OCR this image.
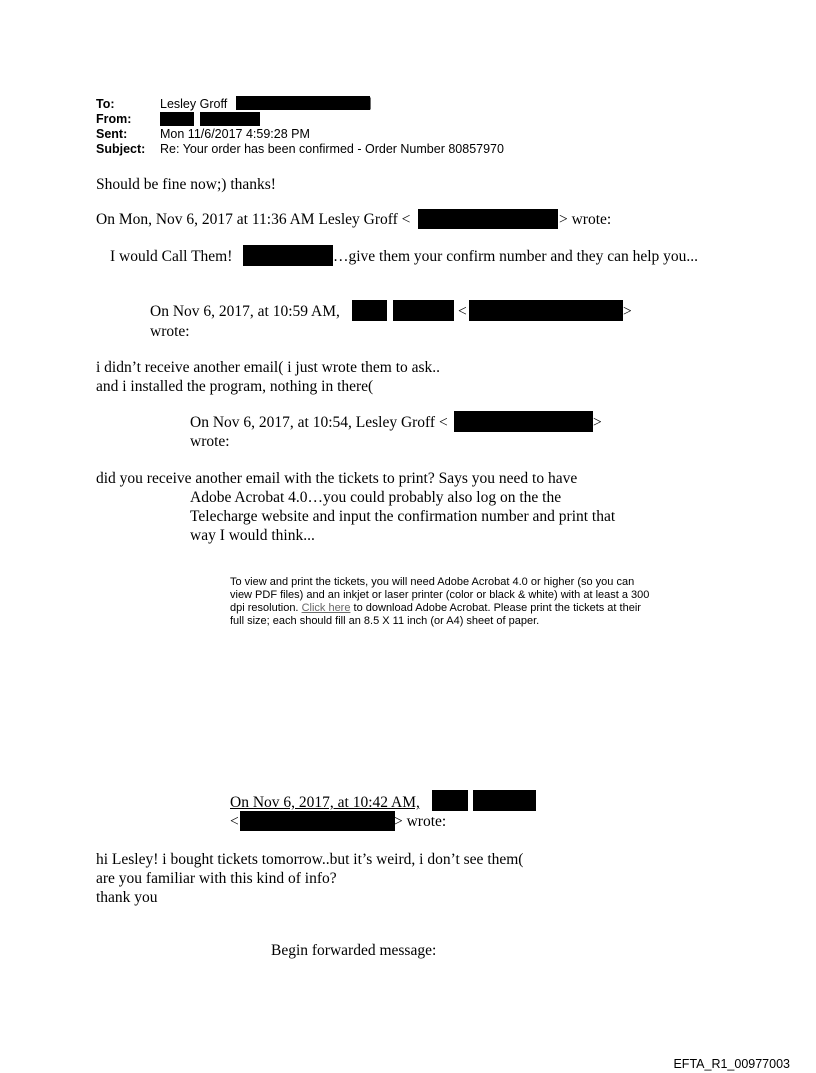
To:	Lesley Groff	]
From:
Sent:	Mon 11/6/2017 4:59:28 PM
Subject: Re: Your order has been confirmed - Order Number 80857970
Should be fine now;) thanks!
On Mon, Nov 6, 2017 at 11:36 AM Lesley Groff <	> wrote:
I would Call Them!	…give them your confirm number and they can help you...
On Nov 6, 2017, at 10:59 AM,	<	>
wrote:
i didn’t receive another email( i just wrote them to ask..
and i installed the program, nothing in there(
On Nov 6, 2017, at 10:54, Lesley Groff <	>
wrote:
did you receive another email with the tickets to print? Says you need to have
Adobe Acrobat 4.0…you could probably also log on the the
Telecharge website and input the confirmation number and print that
way I would think...
To view and print the tickets, you will need Adobe Acrobat 4.0 or higher (so you can
view PDF files) and an inkjet or laser printer (color or black & white) with at least a 300
dpi resolution. Click here to download Adobe Acrobat. Please print the tickets at their
full size; each should fill an 8.5 X 11 inch (or A4) sheet of paper.
On Nov 6, 2017, at 10:42 AM,
<	> wrote:
hi Lesley! i bought tickets tomorrow..but it’s weird, i don’t see them(
are you familiar with this kind of info?
thank you
Begin forwarded message:
EFTA_R1_00977003
